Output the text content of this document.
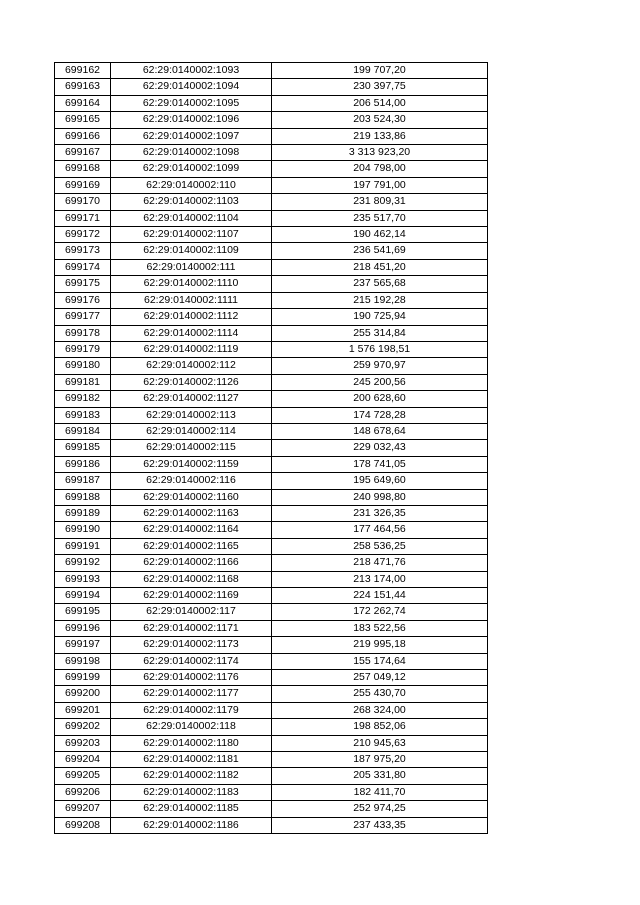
699162	62:29:0140002:1093	199 707,20
699163	62:29:0140002:1094	230 397,75
699164	62:29:0140002:1095	206 514,00
699165	62:29:0140002:1096	203 524,30
699166	62:29:0140002:1097	219 133,86
699167	62:29:0140002:1098	3 313 923,20
699168	62:29:0140002:1099	204 798,00
699169	62:29:0140002:110	197 791,00
699170	62:29:0140002:1103	231 809,31
699171	62:29:0140002:1104	235 517,70
699172	62:29:0140002:1107	190 462,14
699173	62:29:0140002:1109	236 541,69
699174	62:29:0140002:111	218 451,20
699175	62:29:0140002:1110	237 565,68
699176	62:29:0140002:1111	215 192,28
699177	62:29:0140002:1112	190 725,94
699178	62:29:0140002:1114	255 314,84
699179	62:29:0140002:1119	1 576 198,51
699180	62:29:0140002:112	259 970,97
699181	62:29:0140002:1126	245 200,56
699182	62:29:0140002:1127	200 628,60
699183	62:29:0140002:113	174 728,28
699184	62:29:0140002:114	148 678,64
699185	62:29:0140002:115	229 032,43
699186	62:29:0140002:1159	178 741,05
699187	62:29:0140002:116	195 649,60
699188	62:29:0140002:1160	240 998,80
699189	62:29:0140002:1163	231 326,35
699190	62:29:0140002:1164	177 464,56
699191	62:29:0140002:1165	258 536,25
699192	62:29:0140002:1166	218 471,76
699193	62:29:0140002:1168	213 174,00
699194	62:29:0140002:1169	224 151,44
699195	62:29:0140002:117	172 262,74
699196	62:29:0140002:1171	183 522,56
699197	62:29:0140002:1173	219 995,18
699198	62:29:0140002:1174	155 174,64
699199	62:29:0140002:1176	257 049,12
699200	62:29:0140002:1177	255 430,70
699201	62:29:0140002:1179	268 324,00
699202	62:29:0140002:118	198 852,06
699203	62:29:0140002:1180	210 945,63
699204	62:29:0140002:1181	187 975,20
699205	62:29:0140002:1182	205 331,80
699206	62:29:0140002:1183	182 411,70
699207	62:29:0140002:1185	252 974,25
699208	62:29:0140002:1186	237 433,35
